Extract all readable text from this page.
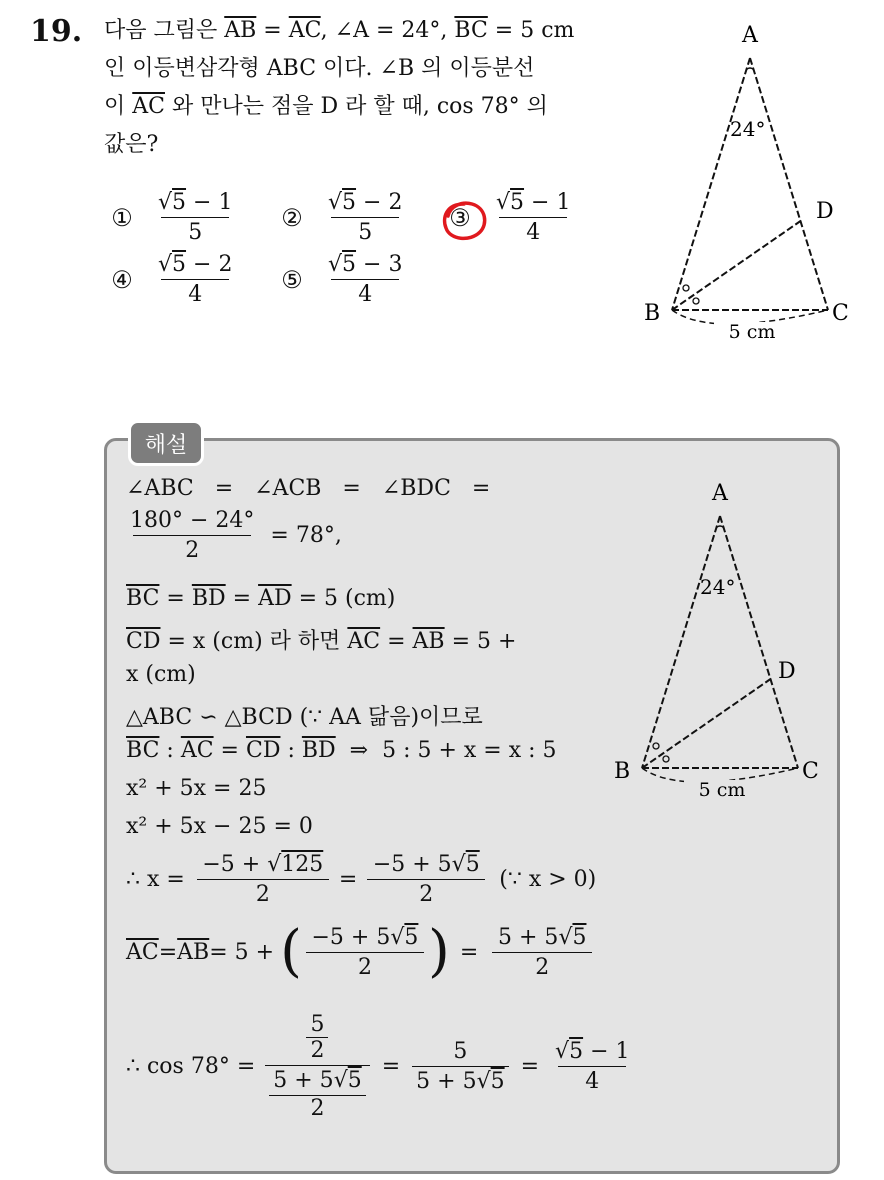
19. 다음 그림은 $\overline{AB} = \overline{AC}$, ∠A = 24°, $\overline{BC} = 5$ cm
인 이등변삼각형 ABC 이다. ∠B 의 이등분선
이 $\overline{AC}$ 와 만나는 점을 D 라 할 때, cos 78° 의
값은?
① $\frac{√5 - 1}{5}$ ② $\frac{√5 - 2}{5}$ ③ $\frac{√5 - 1}{4}$
④ $\frac{√5 - 2}{4}$ ⑤ $\frac{√5 - 3}{4}$
A
D
B	C
24°
5 cm
해설
A
D
B	C
24°
5 cm
∠ABC   =   ∠ACB   =   ∠BDC   =
$\frac{180^\circ - 24^\circ}{2} = 78^\circ$,
$\overline{BC} = \overline{BD} = \overline{AD} = 5$ (cm)
$\overline{CD} = x$ (cm) 라 하면 $\overline{AC} = \overline{AB} = 5$ +
x (cm)
△ABC ∽ △BCD (∵ AA 닮음)이므로
$\overline{BC}$ : $\overline{AC} = \overline{CD}$ : $\overline{BD}$  ⇒  5 : 5 + x = x : 5
x² + 5x = 25
x² + 5x − 25 = 0
∴ $x = \frac{-5 + √125}{2} = \frac{-5 + 5√5}{2}$ (∵ x > 0)
$\overline{AC} = \overline{AB} = 5$ + ( $\frac{-5 + 5√5}{2}$ ) = $\frac{5 + 5√5}{2}$
∴ cos 78° = 5
2
5 + 5√5
$2 = \frac{5}{5 + 5√5} = \frac{√5 - 1}{4}$
